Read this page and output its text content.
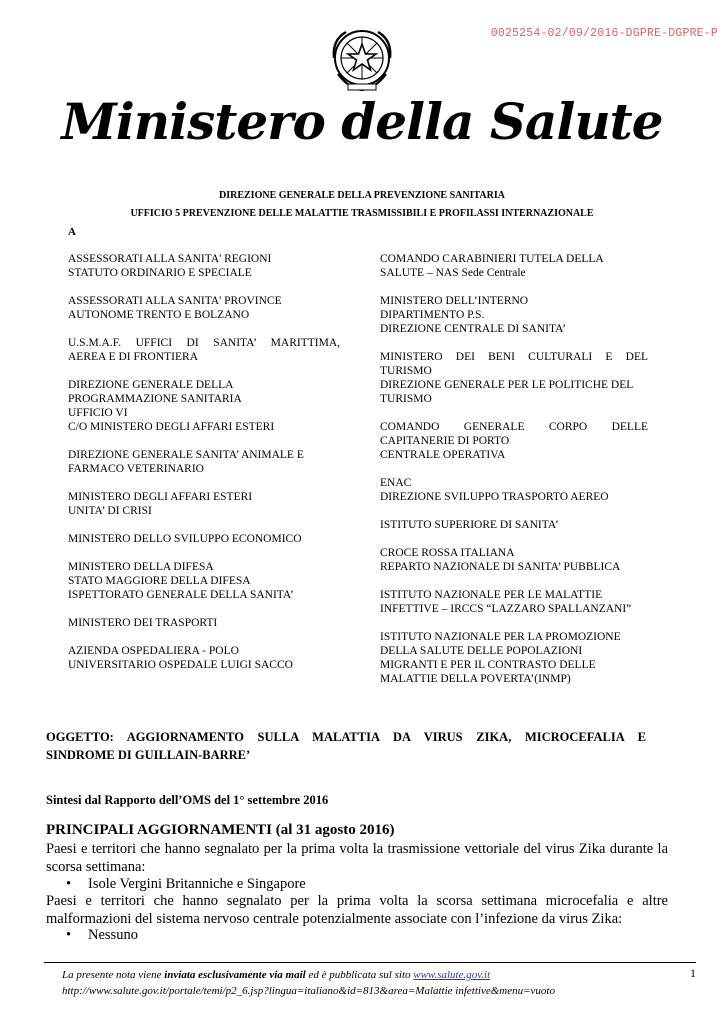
0025254-02/09/2016-DGPRE-DGPRE-P
Ministero della Salute
DIREZIONE GENERALE DELLA PREVENZIONE SANITARIA
UFFICIO 5 PREVENZIONE DELLE MALATTIE TRASMISSIBILI E PROFILASSI INTERNAZIONALE
A
ASSESSORATI ALLA SANITA' REGIONI
STATUTO ORDINARIO E SPECIALE
ASSESSORATI ALLA SANITA' PROVINCE
AUTONOME TRENTO E BOLZANO
U.S.M.A.F. UFFICI DI SANITA’ MARITTIMA,
AEREA E DI FRONTIERA
DIREZIONE GENERALE DELLA
PROGRAMMAZIONE SANITARIA
UFFICIO VI
C/O MINISTERO DEGLI AFFARI ESTERI
DIREZIONE GENERALE SANITA’ ANIMALE E
FARMACO VETERINARIO
MINISTERO DEGLI AFFARI ESTERI
UNITA’ DI CRISI
MINISTERO DELLO SVILUPPO ECONOMICO
MINISTERO DELLA DIFESA
STATO MAGGIORE DELLA DIFESA
ISPETTORATO GENERALE DELLA SANITA’
MINISTERO DEI TRASPORTI
AZIENDA OSPEDALIERA - POLO
UNIVERSITARIO OSPEDALE LUIGI SACCO
COMANDO CARABINIERI TUTELA DELLA
SALUTE – NAS Sede Centrale
MINISTERO DELL’INTERNO
DIPARTIMENTO P.S.
DIREZIONE CENTRALE DI SANITA’
MINISTERO DEI BENI CULTURALI E DEL
TURISMO
DIREZIONE GENERALE PER LE POLITICHE DEL
TURISMO
COMANDO GENERALE CORPO DELLE
CAPITANERIE DI PORTO
CENTRALE OPERATIVA
ENAC
DIREZIONE SVILUPPO TRASPORTO AEREO
ISTITUTO SUPERIORE DI SANITA’
CROCE ROSSA ITALIANA
REPARTO NAZIONALE DI SANITA’ PUBBLICA
ISTITUTO NAZIONALE PER LE MALATTIE
INFETTIVE – IRCCS “LAZZARO SPALLANZANI”
ISTITUTO NAZIONALE PER LA PROMOZIONE
DELLA SALUTE DELLE POPOLAZIONI
MIGRANTI E PER IL CONTRASTO DELLE
MALATTIE DELLA POVERTA’(INMP)
OGGETTO: AGGIORNAMENTO SULLA MALATTIA DA VIRUS ZIKA, MICROCEFALIA E
SINDROME DI GUILLAIN-BARRE’
Sintesi dal Rapporto dell’OMS del 1° settembre 2016
PRINCIPALI AGGIORNAMENTI (al 31 agosto 2016)
Paesi e territori che hanno segnalato per la prima volta la trasmissione vettoriale del virus Zika durante la
scorsa settimana:
• Isole Vergini Britanniche e Singapore
Paesi e territori che hanno segnalato per la prima volta la scorsa settimana microcefalia e altre
malformazioni del sistema nervoso centrale potenzialmente associate con l’infezione da virus Zika:
• Nessuno
La presente nota viene inviata esclusivamente via mail ed è pubblicata sul sito www.salute.gov.it
http://www.salute.gov.it/portale/temi/p2_6.jsp?lingua=italiano&id=813&area=Malattie infettive&menu=vuoto
1
